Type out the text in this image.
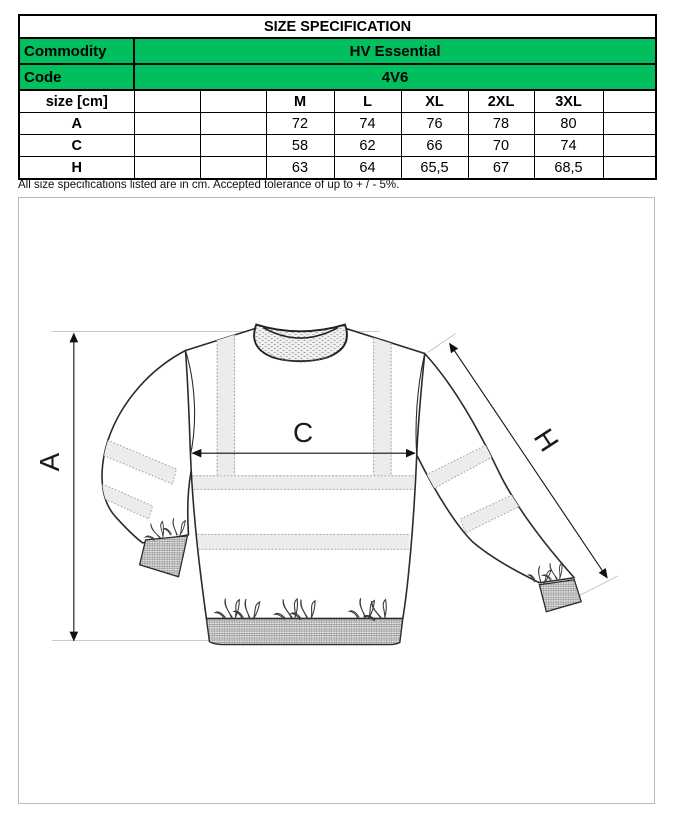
SIZE SPECIFICATION								
Commodity	HV Essential							
Code	4V6							
size [cm]			M	L	XL	2XL	3XL	
A			72	74	76	78	80	
C			58	62	66	70	74	
H			63	64	65,5	67	68,5	
All size specifications listed are in cm. Accepted tolerance of up to + / - 5%.
A
C	H
